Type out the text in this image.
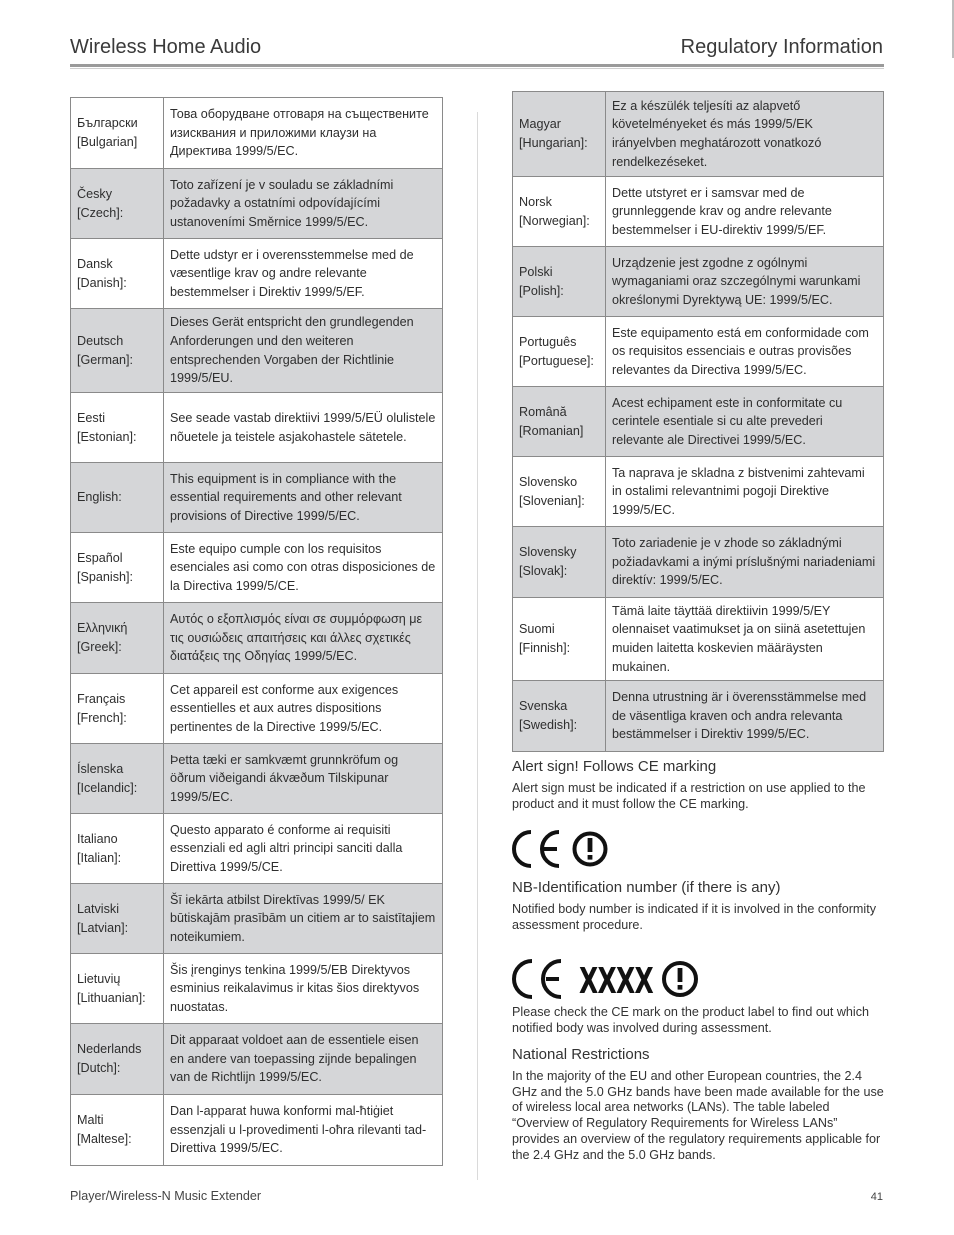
Wireless Home Audio	Regulatory Information
Български
[Bulgarian]	Това оборудване отговаря на съществените изисквания и приложими клаузи на Директива 1999/5/ЕС.

Česky
[Czech]:	Toto zařízení je v souladu se základními požadavky a ostatními odpovídajícími ustanoveními Směrnice 1999/5/EC.

Dansk
[Danish]:	Dette udstyr er i overensstemmelse med de væsentlige krav og andre relevante bestemmelser i Direktiv 1999/5/EF.

Deutsch
[German]:	Dieses Gerät entspricht den grundlegenden Anforderungen und den weiteren entsprechenden Vorgaben der Richtlinie 1999/5/EU.

Eesti
[Estonian]:	See seade vastab direktiivi 1999/5/EÜ olulistele nõuetele ja teistele asjakohastele sätetele.

English:	This equipment is in compliance with the essential requirements and other relevant provisions of Directive 1999/5/EC.

Español
[Spanish]:	Este equipo cumple con los requisitos esenciales asi como con otras disposiciones de la Directiva 1999/5/CE.

Ελληνική
[Greek]:	Αυτός ο εξοπλισμός είναι σε συμμόρφωση με τις ουσιώδεις απαιτήσεις και άλλες σχετικές διατάξεις της Οδηγίας 1999/5/EC.

Français
[French]:	Cet appareil est conforme aux exigences essentielles et aux autres dispositions pertinentes de la Directive 1999/5/EC.

Íslenska
[Icelandic]:	Þetta tæki er samkvæmt grunnkröfum og öðrum viðeigandi ákvæðum Tilskipunar 1999/5/EC.

Italiano
[Italian]:	Questo apparato é conforme ai requisiti essenziali ed agli altri principi sanciti dalla Direttiva 1999/5/CE.

Latviski
[Latvian]:	Šī iekārta atbilst Direktīvas 1999/5/ EK būtiskajām prasībām un citiem ar to saistītajiem noteikumiem.

Lietuvių
[Lithuanian]:	Šis įrenginys tenkina 1999/5/EB Direktyvos esminius reikalavimus ir kitas šios direktyvos nuostatas.

Nederlands
[Dutch]:	Dit apparaat voldoet aan de essentiele eisen en andere van toepassing zijnde bepalingen van de Richtlijn 1999/5/EC.

Malti
[Maltese]:	Dan l-apparat huwa konformi mal-ħtiġiet essenzjali u l-provedimenti l-oħra rilevanti tad-Direttiva 1999/5/EC.
Magyar
[Hungarian]:	Ez a készülék teljesíti az alapvető követelményeket és más 1999/5/EK irányelvben meghatározott vonatkozó rendelkezéseket.

Norsk
[Norwegian]:	Dette utstyret er i samsvar med de grunnleggende krav og andre relevante bestemmelser i EU-direktiv 1999/5/EF.

Polski
[Polish]:	Urządzenie jest zgodne z ogólnymi wymaganiami oraz szczególnymi warunkami określonymi Dyrektywą UE: 1999/5/EC.

Português
[Portuguese]:	Este equipamento está em conformidade com os requisitos essenciais e outras provisões relevantes da Directiva 1999/5/EC.

Română
[Romanian]	Acest echipament este in conformitate cu cerintele esentiale si cu alte prevederi relevante ale Directivei 1999/5/EC.

Slovensko
[Slovenian]:	Ta naprava je skladna z bistvenimi zahtevami in ostalimi relevantnimi pogoji Direktive 1999/5/EC.

Slovensky
[Slovak]:	Toto zariadenie je v zhode so základnými požiadavkami a inými príslušnými nariadeniami direktív: 1999/5/EC.

Suomi
[Finnish]:	Tämä laite täyttää direktiivin 1999/5/EY olennaiset vaatimukset ja on siinä asetettujen muiden laitetta koskevien määräysten mukainen.

Svenska
[Swedish]:	Denna utrustning är i överensstämmelse med de väsentliga kraven och andra relevanta bestämmelser i Direktiv 1999/5/EC.
Alert sign! Follows CE marking

Alert sign must be indicated if a restriction on use applied to the product and it must follow the CE marking.

NB-Identification number (if there is any)

Notified body number is indicated if it is involved in the conformity assessment procedure.

XXXX

Please check the CE mark on the product label to find out which notified body was involved during assessment.

National Restrictions

In the majority of the EU and other European countries, the 2.4 GHz and the 5.0 GHz bands have been made available for the use of wireless local area networks (LANs). The table labeled “Overview of Regulatory Requirements for Wireless LANs” provides an overview of the regulatory requirements applicable for the 2.4 GHz and the 5.0 GHz bands.

Player/Wireless-N Music Extender	41
